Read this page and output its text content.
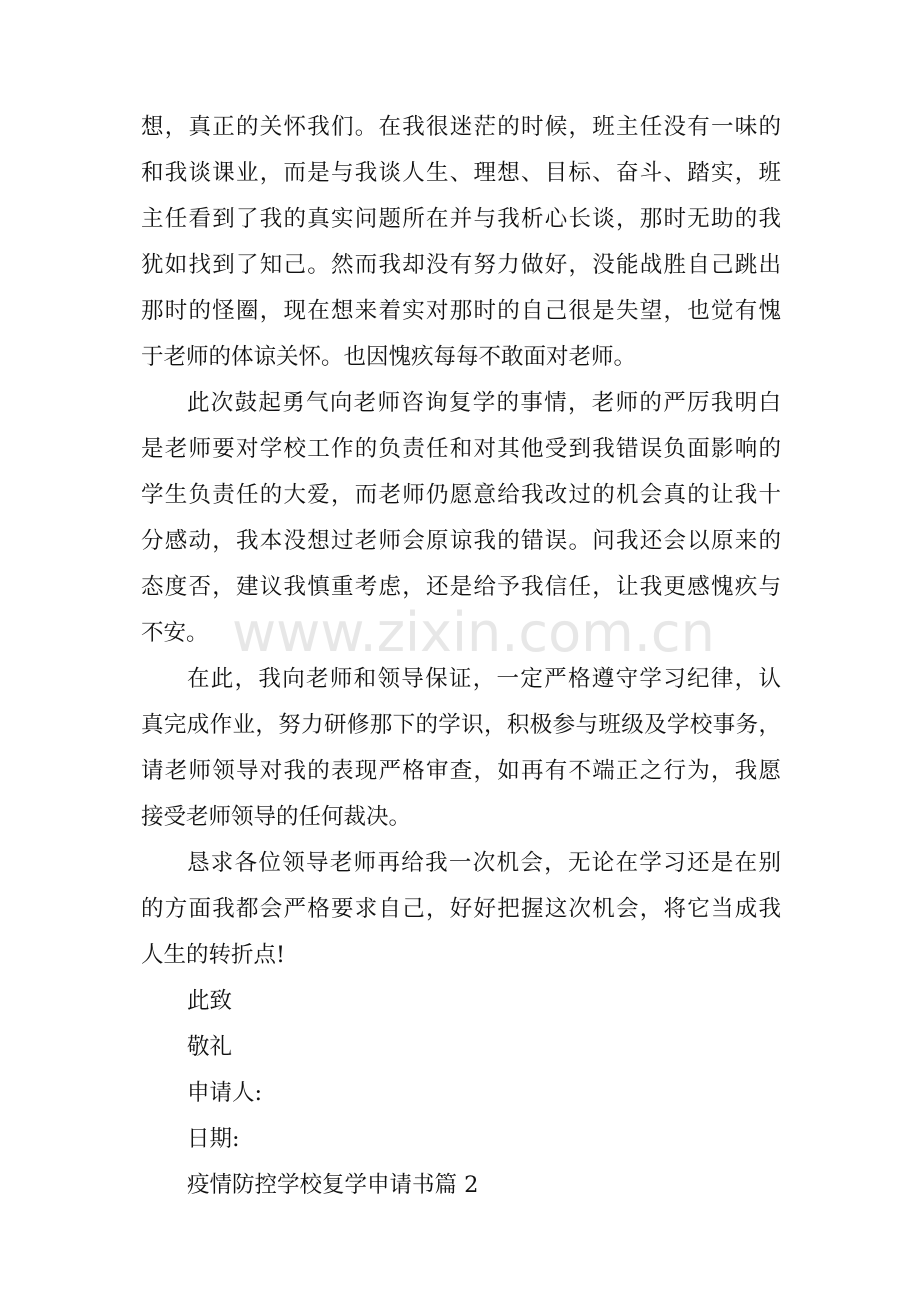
想，真正的关怀我们。在我很迷茫的时候，班主任没有一味的
和我谈课业，而是与我谈人生、理想、目标、奋斗、踏实，班
主任看到了我的真实问题所在并与我析心长谈，那时无助的我
犹如找到了知己。然而我却没有努力做好，没能战胜自己跳出
那时的怪圈，现在想来着实对那时的自己很是失望，也觉有愧
于老师的体谅关怀。也因愧疚每每不敢面对老师。
此次鼓起勇气向老师咨询复学的事情，老师的严厉我明白
是老师要对学校工作的负责任和对其他受到我错误负面影响的
学生负责任的大爱，而老师仍愿意给我改过的机会真的让我十
分感动，我本没想过老师会原谅我的错误。问我还会以原来的
态度否，建议我慎重考虑，还是给予我信任，让我更感愧疚与
不安。
在此，我向老师和领导保证，一定严格遵守学习纪律，认
真完成作业，努力研修那下的学识，积极参与班级及学校事务，
请老师领导对我的表现严格审查，如再有不端正之行为，我愿
接受老师领导的任何裁决。
恳求各位领导老师再给我一次机会，无论在学习还是在别
的方面我都会严格要求自己，好好把握这次机会，将它当成我
人生的转折点!
此致
敬礼
申请人:
日期:
疫情防控学校复学申请书篇 2
www.zixin.com.cn
